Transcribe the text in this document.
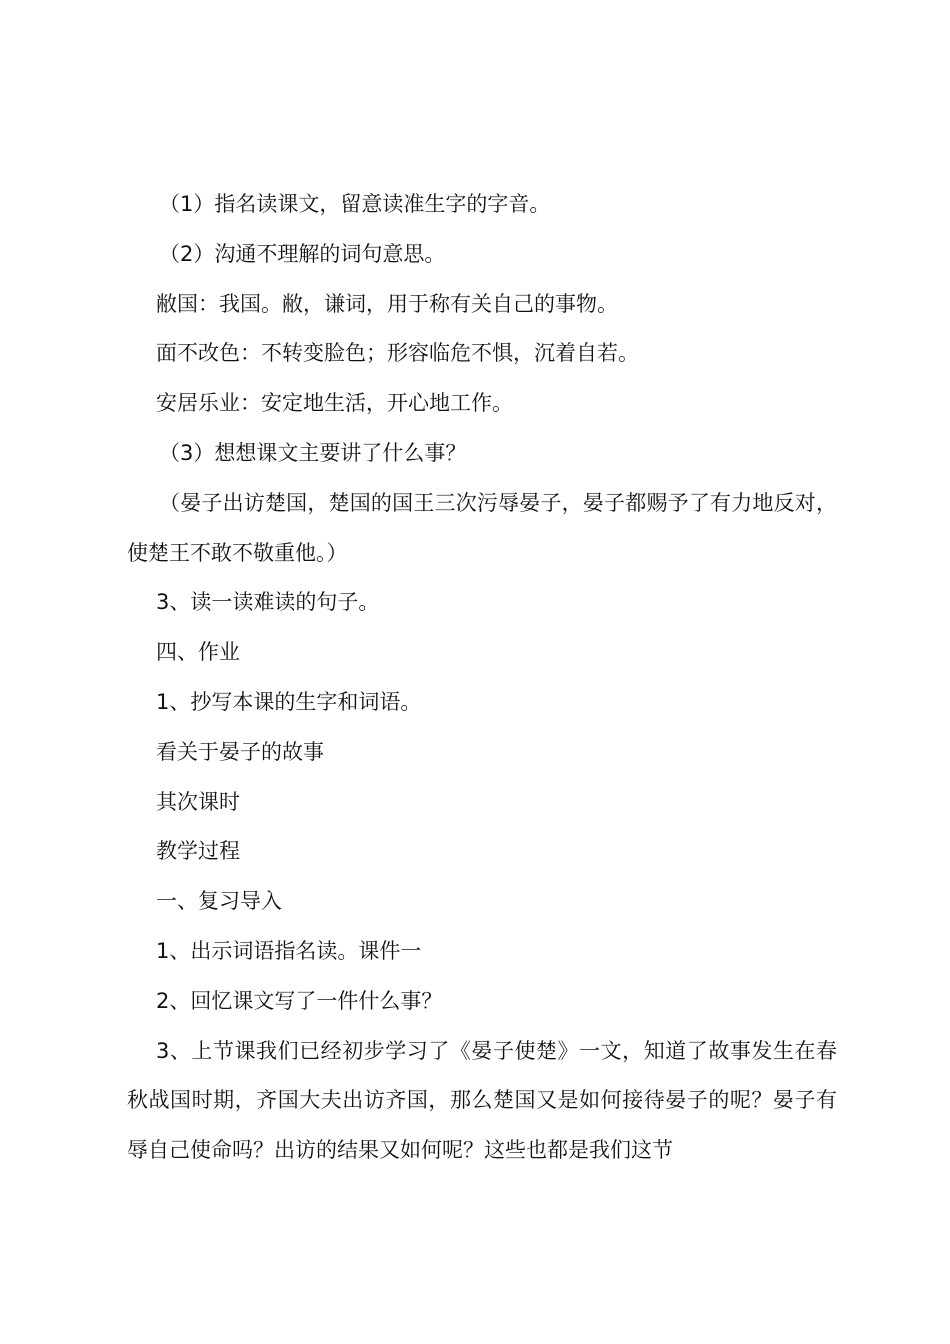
（1）指名读课文，留意读准生字的字音。

（2）沟通不理解的词句意思。

敝国：我国。敝，谦词，用于称有关自己的事物。

面不改色：不转变脸色；形容临危不惧，沉着自若。

安居乐业：安定地生活，开心地工作。

（3）想想课文主要讲了什么事？

（晏子出访楚国，楚国的国王三次污辱晏子，晏子都赐予了有力地反对，使楚王不敢不敬重他。）

3、读一读难读的句子。

四、作业

1、抄写本课的生字和词语。

看关于晏子的故事

其次课时

教学过程

一、复习导入

1、出示词语指名读。课件一

2、回忆课文写了一件什么事？

3、上节课我们已经初步学习了《晏子使楚》一文，知道了故事发生在春秋战国时期，齐国大夫出访齐国，那么楚国又是如何接待晏子的呢？晏子有辱自己使命吗？出访的结果又如何呢？这些也都是我们这节
